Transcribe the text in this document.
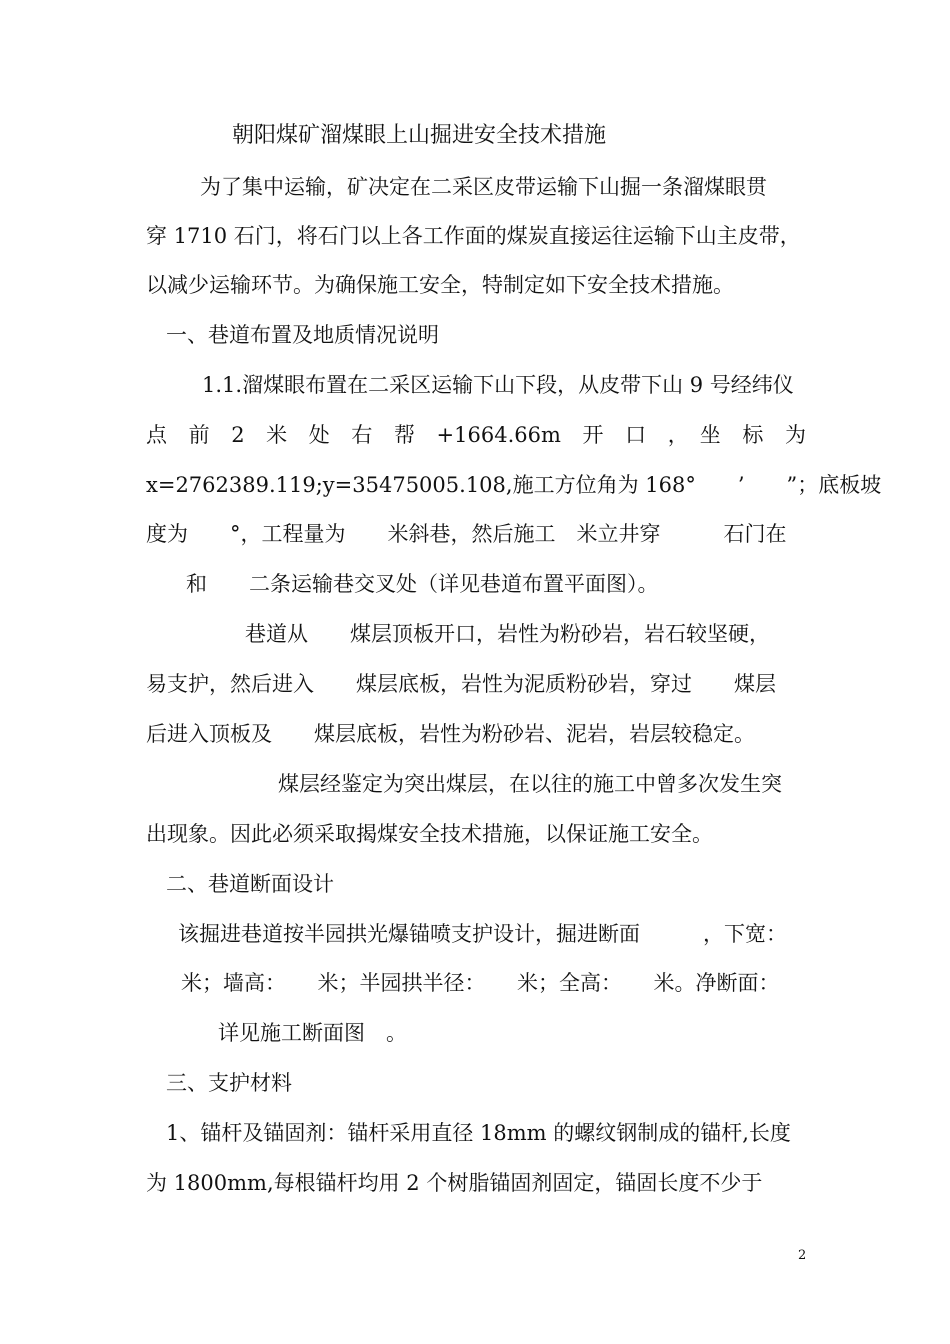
朝阳煤矿溜煤眼上山掘进安全技术措施
为了集中运输，矿决定在二采区皮带运输下山掘一条溜煤眼贯
穿 1710 石门，将石门以上各工作面的煤炭直接运往运输下山主皮带，
以减少运输环节。为确保施工安全，特制定如下安全技术措施。
一、巷道布置及地质情况说明
1.1.溜煤眼布置在二采区运输下山下段，从皮带下山 9 号经纬仪
点　前　2　米　处　右　帮　+1664.66m　开　口　，　坐　标　为
x=2762389.119;y=35475005.108,施工方位角为 168°　　’　　”；底板坡
度为　　°，工程量为　　米斜巷，然后施工　米立井穿　　　石门在
和　　二条运输巷交叉处（详见巷道布置平面图）。
巷道从　　煤层顶板开口，岩性为粉砂岩，岩石较坚硬，
易支护，然后进入　　煤层底板，岩性为泥质粉砂岩，穿过　　煤层
后进入顶板及　　煤层底板，岩性为粉砂岩、泥岩，岩层较稳定。
煤层经鉴定为突出煤层，在以往的施工中曾多次发生突
出现象。因此必须采取揭煤安全技术措施，以保证施工安全。
二、巷道断面设计
该掘进巷道按半园拱光爆锚喷支护设计，掘进断面　　　，下宽：
米；墙高：　　米；半园拱半径：　　米；全高：　　米。净断面：
详见施工断面图　。
三、支护材料
1、锚杆及锚固剂：锚杆采用直径 18mm 的螺纹钢制成的锚杆,长度
为 1800mm,每根锚杆均用 2 个树脂锚固剂固定，锚固长度不少于
2
